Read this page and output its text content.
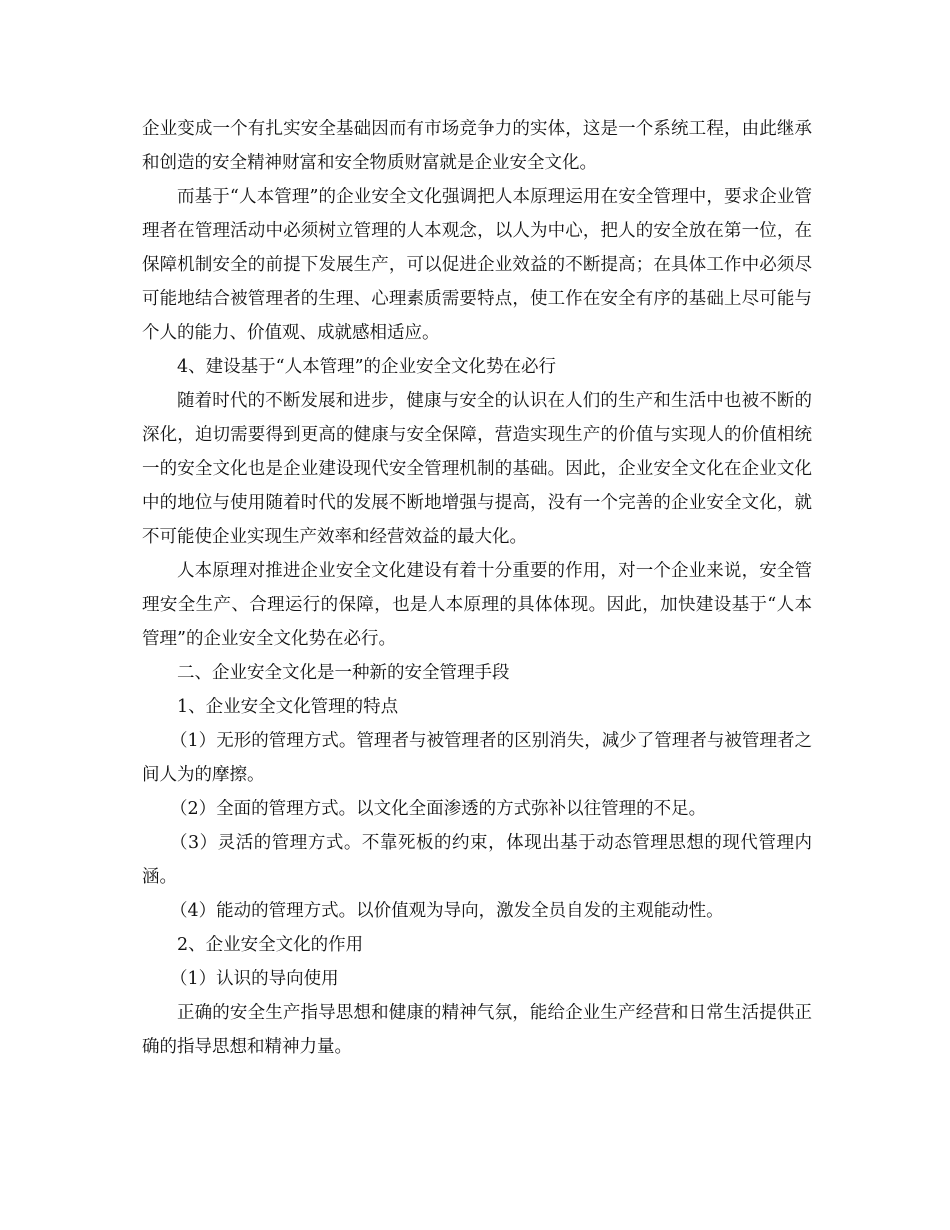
企业变成一个有扎实安全基础因而有市场竞争力的实体，这是一个系统工程，由此继承和创造的安全精神财富和安全物质财富就是企业安全文化。

而基于“人本管理”的企业安全文化强调把人本原理运用在安全管理中，要求企业管理者在管理活动中必须树立管理的人本观念，以人为中心，把人的安全放在第一位，在保障机制安全的前提下发展生产，可以促进企业效益的不断提高；在具体工作中必须尽可能地结合被管理者的生理、心理素质需要特点，使工作在安全有序的基础上尽可能与个人的能力、价值观、成就感相适应。

4、建设基于“人本管理”的企业安全文化势在必行

随着时代的不断发展和进步，健康与安全的认识在人们的生产和生活中也被不断的深化，迫切需要得到更高的健康与安全保障，营造实现生产的价值与实现人的价值相统一的安全文化也是企业建设现代安全管理机制的基础。因此，企业安全文化在企业文化中的地位与使用随着时代的发展不断地增强与提高，没有一个完善的企业安全文化，就不可能使企业实现生产效率和经营效益的最大化。

人本原理对推进企业安全文化建设有着十分重要的作用，对一个企业来说，安全管理安全生产、合理运行的保障，也是人本原理的具体体现。因此，加快建设基于“人本管理”的企业安全文化势在必行。

二、企业安全文化是一种新的安全管理手段

1、企业安全文化管理的特点

（1）无形的管理方式。管理者与被管理者的区别消失，减少了管理者与被管理者之间人为的摩擦。

（2）全面的管理方式。以文化全面渗透的方式弥补以往管理的不足。

（3）灵活的管理方式。不靠死板的约束，体现出基于动态管理思想的现代管理内涵。

（4）能动的管理方式。以价值观为导向，激发全员自发的主观能动性。

2、企业安全文化的作用

（1）认识的导向使用

正确的安全生产指导思想和健康的精神气氛，能给企业生产经营和日常生活提供正确的指导思想和精神力量。
